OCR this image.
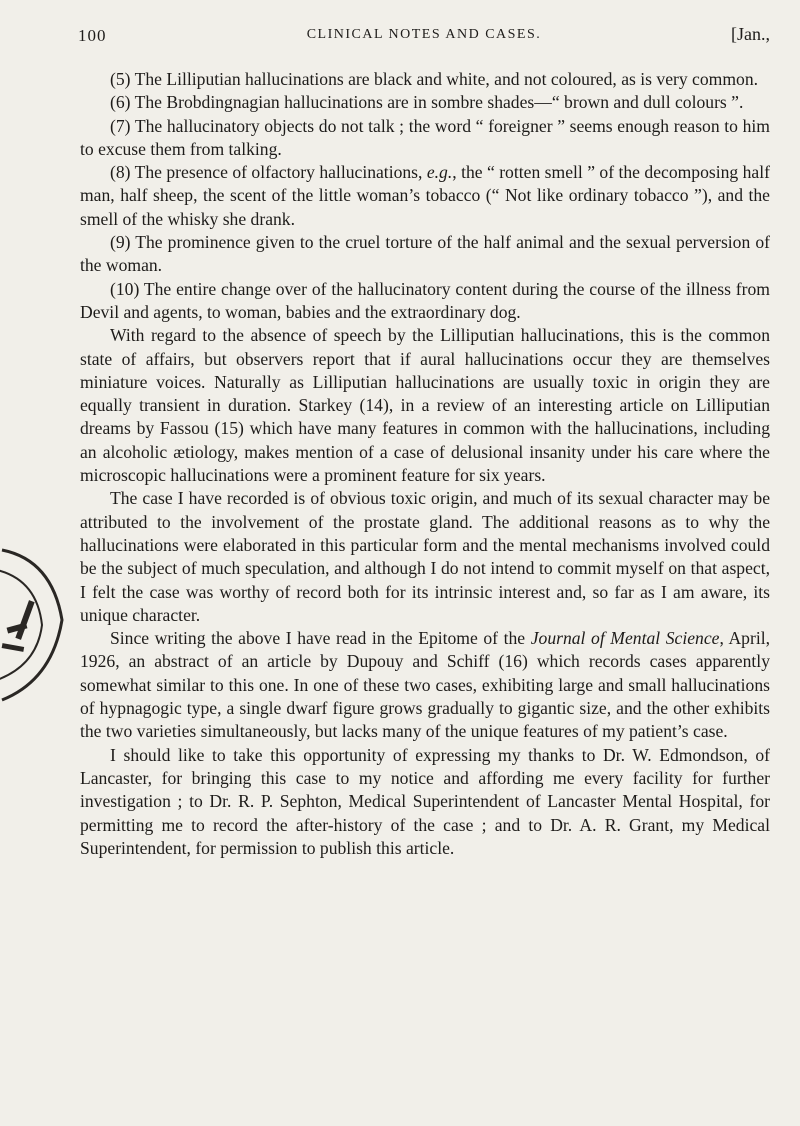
100	CLINICAL NOTES AND CASES.	[Jan.,

(5) The Lilliputian hallucinations are black and white, and not coloured, as is very common.

(6) The Brobdingnagian hallucinations are in sombre shades—“ brown and dull colours ”.

(7) The hallucinatory objects do not talk ; the word “ foreigner ” seems enough reason to him to excuse them from talking.

(8) The presence of olfactory hallucinations, e.g., the “ rotten smell ” of the decomposing half man, half sheep, the scent of the little woman’s tobacco (“ Not like ordinary tobacco ”), and the smell of the whisky she drank.

(9) The prominence given to the cruel torture of the half animal and the sexual perversion of the woman.

(10) The entire change over of the hallucinatory content during the course of the illness from Devil and agents, to woman, babies and the extraordinary dog.

With regard to the absence of speech by the Lilliputian hallucinations, this is the common state of affairs, but observers report that if aural hallucinations occur they are themselves miniature voices. Naturally as Lilliputian hallucinations are usually toxic in origin they are equally transient in duration. Starkey (14), in a review of an interesting article on Lilliputian dreams by Fassou (15) which have many features in common with the hallucinations, including an alcoholic ætiology, makes mention of a case of delusional insanity under his care where the microscopic hallucinations were a prominent feature for six years.

The case I have recorded is of obvious toxic origin, and much of its sexual character may be attributed to the involvement of the prostate gland. The additional reasons as to why the hallucinations were elaborated in this particular form and the mental mechanisms involved could be the subject of much speculation, and although I do not intend to commit myself on that aspect, I felt the case was worthy of record both for its intrinsic interest and, so far as I am aware, its unique character.

Since writing the above I have read in the Epitome of the Journal of Mental Science, April, 1926, an abstract of an article by Dupouy and Schiff (16) which records cases apparently somewhat similar to this one. In one of these two cases, exhibiting large and small hallucinations of hypnagogic type, a single dwarf figure grows gradually to gigantic size, and the other exhibits the two varieties simultaneously, but lacks many of the unique features of my patient’s case.

I should like to take this opportunity of expressing my thanks to Dr. W. Edmondson, of Lancaster, for bringing this case to my notice and affording me every facility for further investigation ; to Dr. R. P. Sephton, Medical Superintendent of Lancaster Mental Hospital, for permitting me to record the after-history of the case ; and to Dr. A. R. Grant, my Medical Superintendent, for permission to publish this article.
